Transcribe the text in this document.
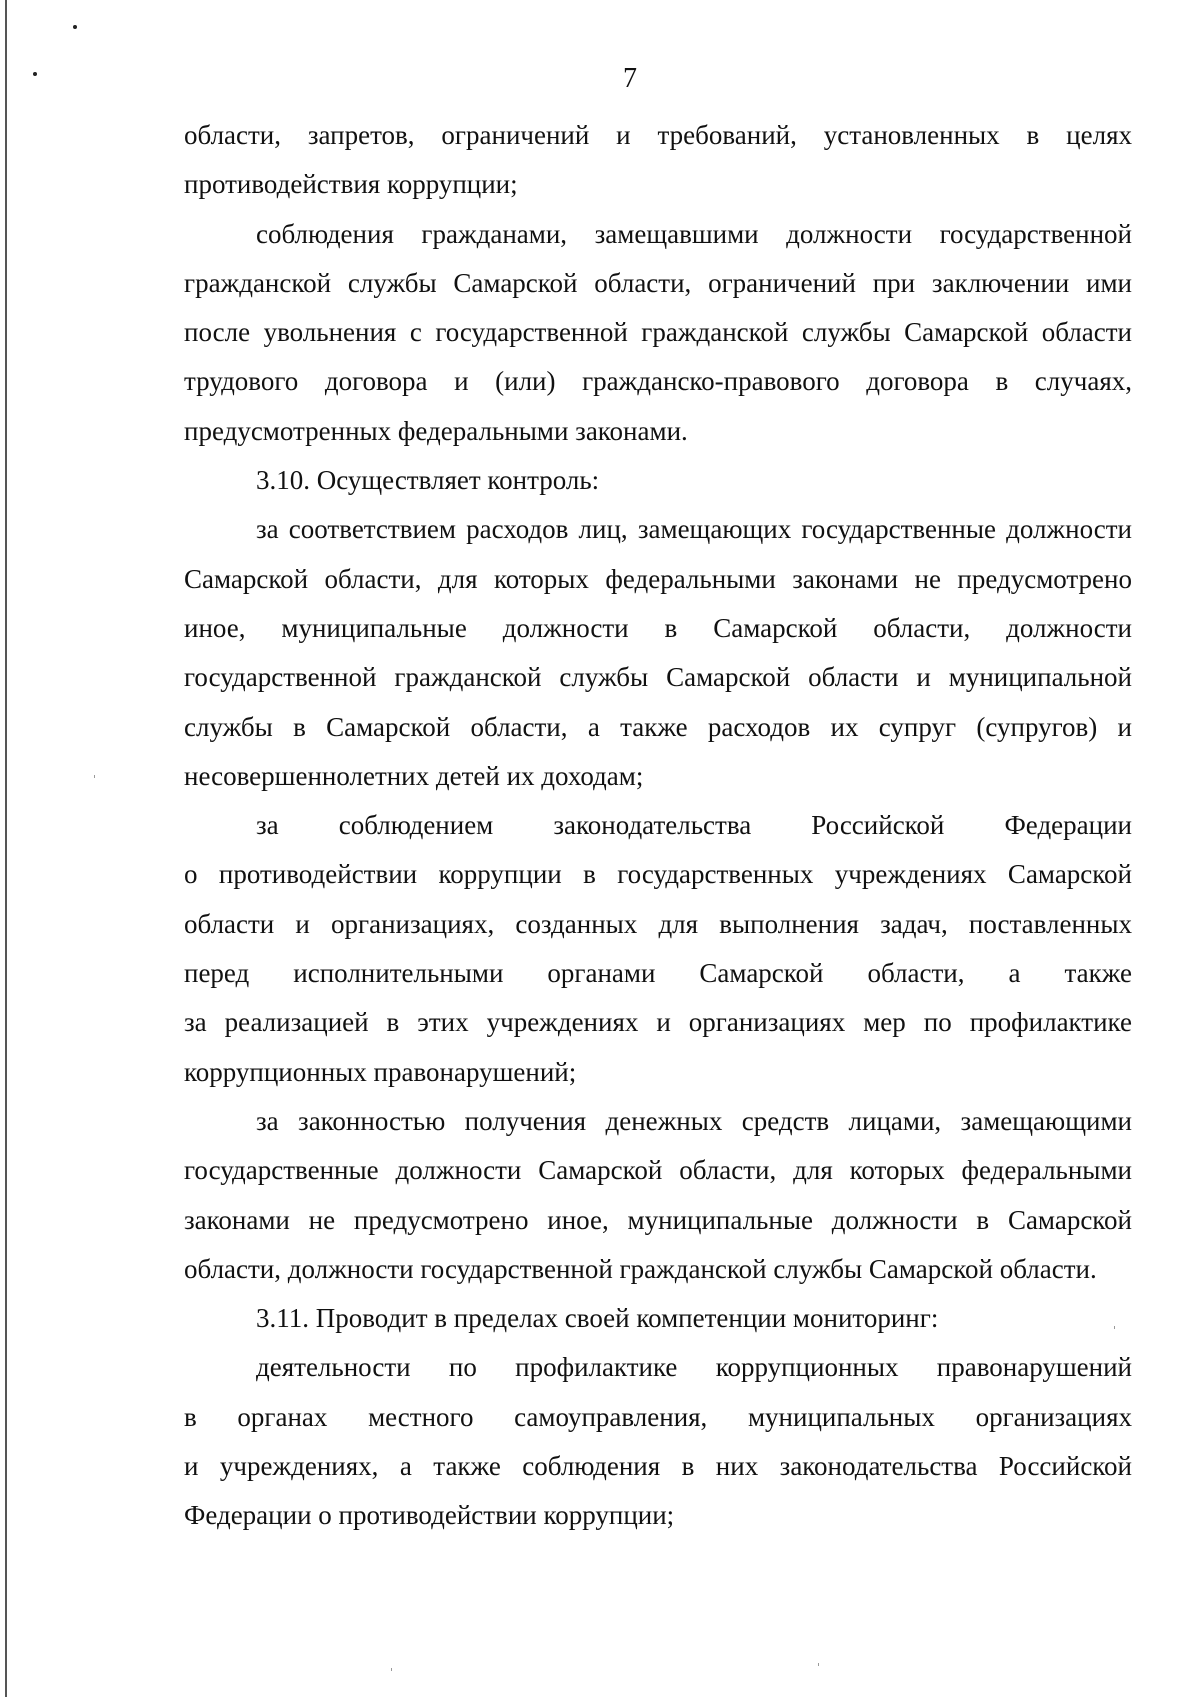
7

области, запретов, ограничений и требований, установленных в целях
противодействия коррупции;

соблюдения гражданами, замещавшими должности государственной гражданской службы Самарской области, ограничений при заключении ими после увольнения с государственной гражданской службы Самарской области трудового договора и (или) гражданско-правового договора в случаях, предусмотренных федеральными законами.

3.10. Осуществляет контроль:

за соответствием расходов лиц, замещающих государственные должности Самарской области, для которых федеральными законами не предусмотрено иное, муниципальные должности в Самарской области, должности государственной гражданской службы Самарской области и муниципальной службы в Самарской области, а также расходов их супруг (супругов) и несовершеннолетних детей их доходам;

за соблюдением законодательства Российской Федерации
о противодействии коррупции в государственных учреждениях Самарской
области и организациях, созданных для выполнения задач, поставленных
перед исполнительными органами Самарской области, а также
за реализацией в этих учреждениях и организациях мер по профилактике
коррупционных правонарушений;

за законностью получения денежных средств лицами, замещающими государственные должности Самарской области, для которых федеральными законами не предусмотрено иное, муниципальные должности в Самарской области, должности государственной гражданской службы Самарской области.

3.11. Проводит в пределах своей компетенции мониторинг:

деятельности по профилактике коррупционных правонарушений
в органах местного самоуправления, муниципальных организациях
и учреждениях, а также соблюдения в них законодательства Российской
Федерации о противодействии коррупции;
